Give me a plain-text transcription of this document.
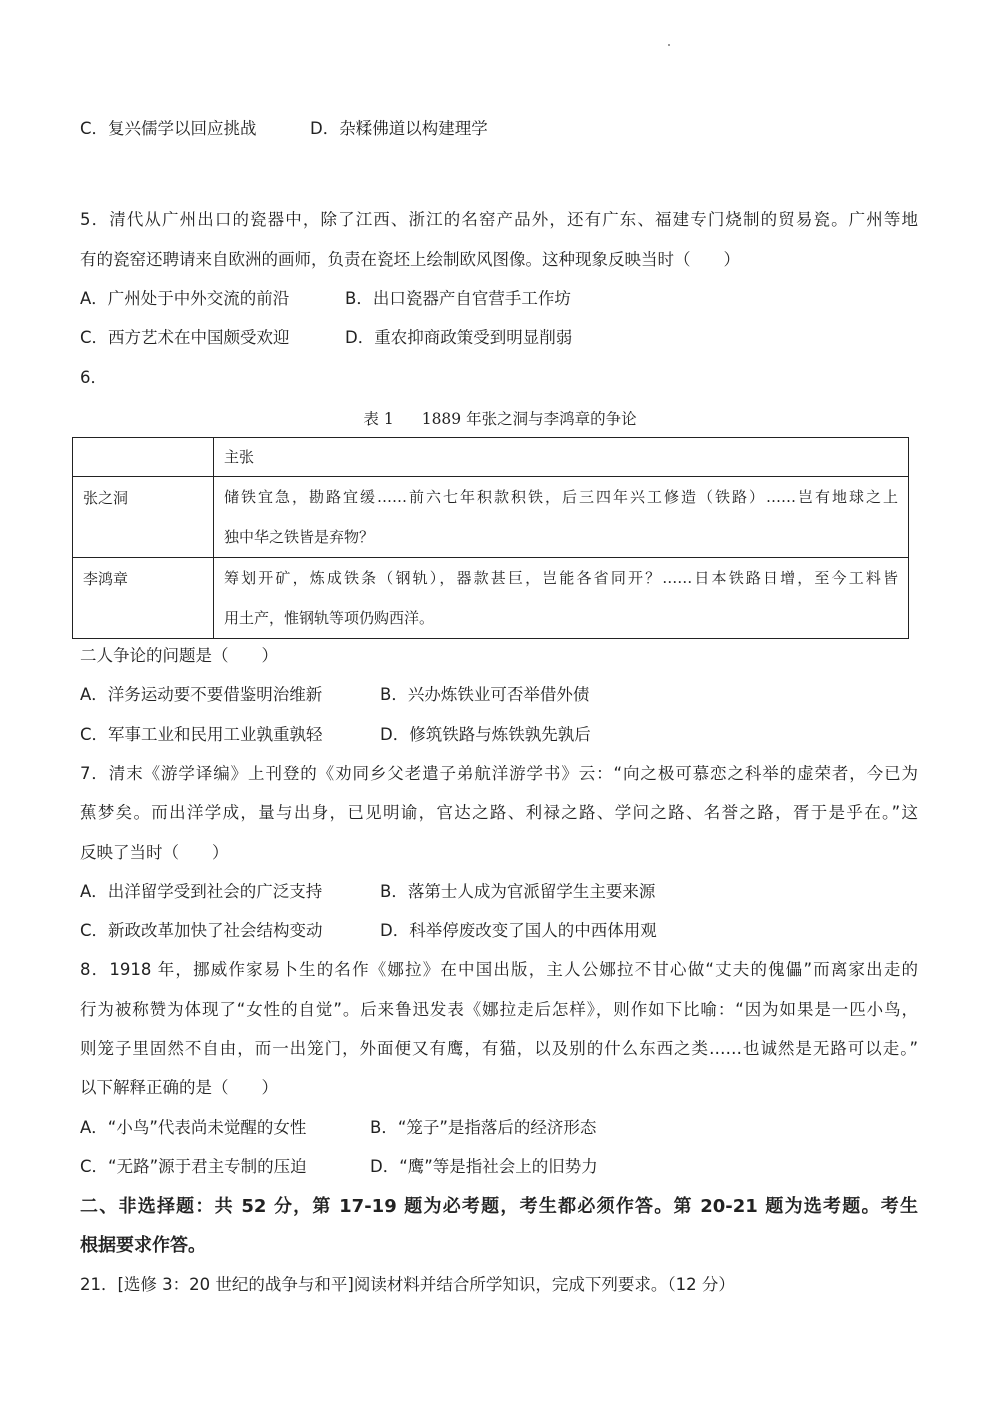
C．复兴儒学以回应挑战	D．杂糅佛道以构建理学
5．清代从广州出口的瓷器中，除了江西、浙江的名窑产品外，还有广东、福建专门烧制的贸易瓷。广州等地
有的瓷窑还聘请来自欧洲的画师，负责在瓷坯上绘制欧风图像。这种现象反映当时（　　）
A．广州处于中外交流的前沿	B．出口瓷器产自官营手工作坊
C．西方艺术在中国颇受欢迎	D．重农抑商政策受到明显削弱
6．
表 1 1889 年张之洞与李鸿章的争论
	主张
张之洞	储铁宜急，勘路宜缓……前六七年积款积铁，后三四年兴工修造（铁路）……岂有地球之上
独中华之铁皆是弃物？

李鸿章	筹划开矿，炼成铁条（钢轨），器款甚巨，岂能各省同开？……日本铁路日增，至今工料皆
用土产，惟钢轨等项仍购西洋。
二人争论的问题是（　　）
A．洋务运动要不要借鉴明治维新	B．兴办炼铁业可否举借外债
C．军事工业和民用工业孰重孰轻	D．修筑铁路与炼铁孰先孰后
7．清末《游学译编》上刊登的《劝同乡父老遣子弟航洋游学书》云：“向之极可慕恋之科举的虚荣者，今已为
蕉梦矣。而出洋学成，量与出身，已见明谕，官达之路、利禄之路、学问之路、名誉之路，胥于是乎在。”这
反映了当时（　　）
A．出洋留学受到社会的广泛支持	B．落第士人成为官派留学生主要来源
C．新政改革加快了社会结构变动	D．科举停废改变了国人的中西体用观
8．1918 年，挪威作家易卜生的名作《娜拉》在中国出版，主人公娜拉不甘心做“丈夫的傀儡”而离家出走的
行为被称赞为体现了“女性的自觉”。后来鲁迅发表《娜拉走后怎样》，则作如下比喻：“因为如果是一匹小鸟，
则笼子里固然不自由，而一出笼门，外面便又有鹰，有猫，以及别的什么东西之类……也诚然是无路可以走。”
以下解释正确的是（　　）
A．“小鸟”代表尚未觉醒的女性	B．“笼子”是指落后的经济形态
C．“无路”源于君主专制的压迫	D．“鹰”等是指社会上的旧势力
二、非选择题：共 52 分，第 17-19 题为必考题，考生都必须作答。第 20-21 题为选考题。考生
根据要求作答。
21．[选修 3：20 世纪的战争与和平]阅读材料并结合所学知识，完成下列要求。（12 分）
